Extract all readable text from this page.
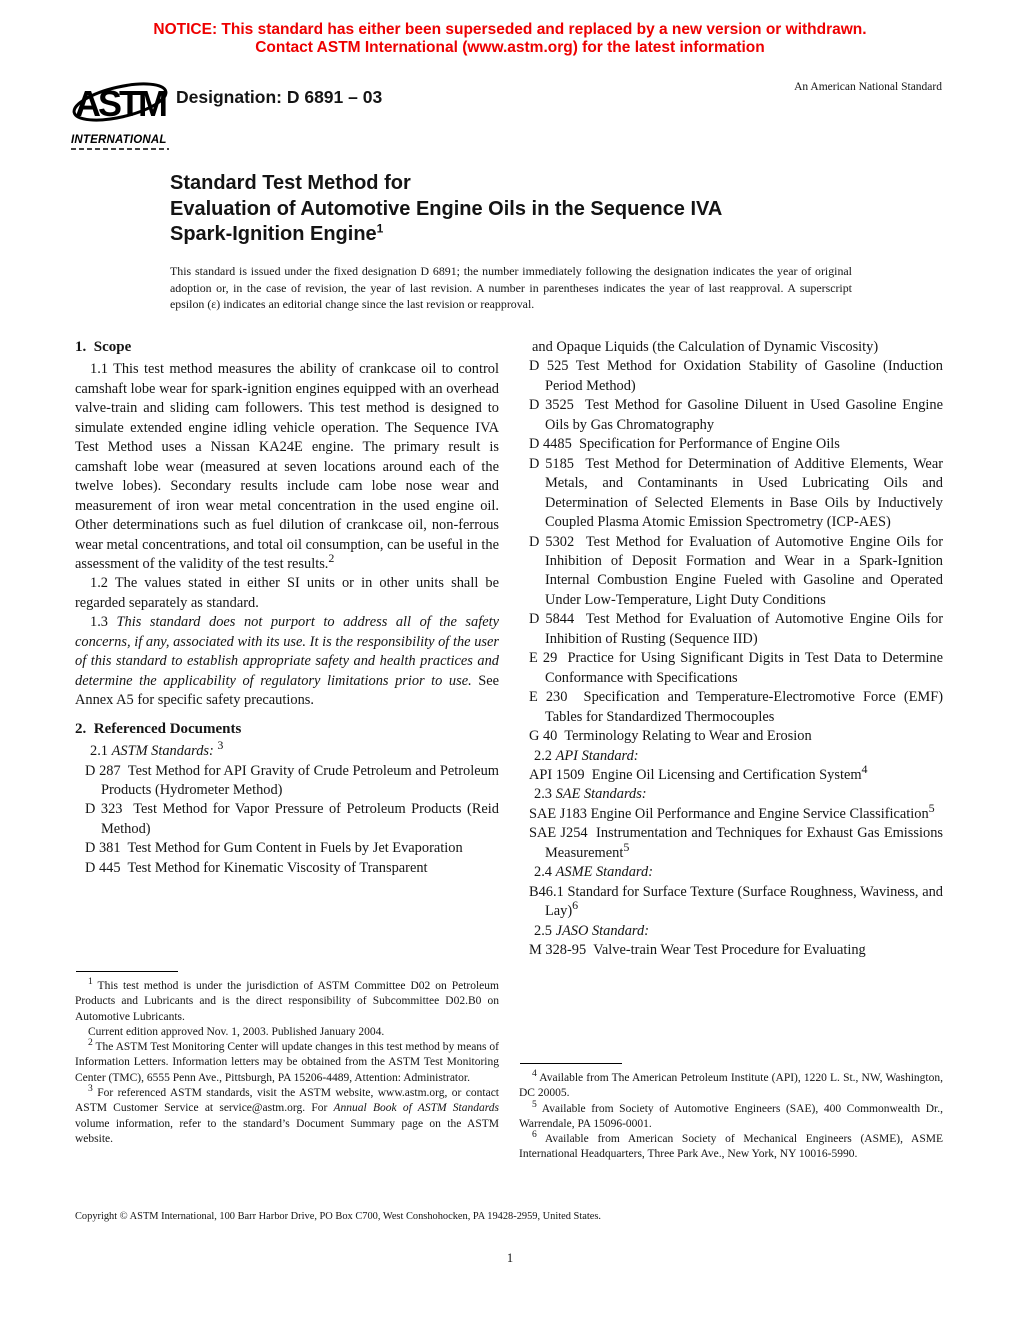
NOTICE: This standard has either been superseded and replaced by a new version or withdrawn.
Contact ASTM International (www.astm.org) for the latest information
ASTM
INTERNATIONAL
Designation: D 6891 – 03	An American National Standard
Standard Test Method for
Evaluation of Automotive Engine Oils in the Sequence IVA
Spark-Ignition Engine$^1$
This standard is issued under the fixed designation D 6891; the number immediately following the designation indicates the year of original adoption or, in the case of revision, the year of last revision. A number in parentheses indicates the year of last reapproval. A superscript epsilon (ε) indicates an editorial change since the last revision or reapproval.
1.  Scope

1.1 This test method measures the ability of crankcase oil to control camshaft lobe wear for spark-ignition engines equipped with an overhead valve-train and sliding cam followers. This test method is designed to simulate extended engine idling vehicle operation. The Sequence IVA Test Method uses a Nissan KA24E engine. The primary result is camshaft lobe wear (measured at seven locations around each of the twelve lobes). Secondary results include cam lobe nose wear and measurement of iron wear metal concentration in the used engine oil. Other determinations such as fuel dilution of crankcase oil, non-ferrous wear metal concentrations, and total oil consumption, can be useful in the assessment of the validity of the test results.$^2$

1.2 The values stated in either SI units or in other units shall be regarded separately as standard.

1.3 This standard does not purport to address all of the safety concerns, if any, associated with its use. It is the responsibility of the user of this standard to establish appropriate safety and health practices and determine the applicability of regulatory limitations prior to use. See Annex A5 for specific safety precautions.

2.  Referenced Documents

2.1 ASTM Standards: $^3$

D 287  Test Method for API Gravity of Crude Petroleum and Petroleum Products (Hydrometer Method)

D 323  Test Method for Vapor Pressure of Petroleum Products (Reid Method)

D 381  Test Method for Gum Content in Fuels by Jet Evaporation

D 445  Test Method for Kinematic Viscosity of Transparent

and Opaque Liquids (the Calculation of Dynamic Viscosity)

D 525 Test Method for Oxidation Stability of Gasoline (Induction Period Method)

D 3525  Test Method for Gasoline Diluent in Used Gasoline Engine Oils by Gas Chromatography

D 4485  Specification for Performance of Engine Oils

D 5185  Test Method for Determination of Additive Elements, Wear Metals, and Contaminants in Used Lubricating Oils and Determination of Selected Elements in Base Oils by Inductively Coupled Plasma Atomic Emission Spectrometry (ICP-AES)

D 5302  Test Method for Evaluation of Automotive Engine Oils for Inhibition of Deposit Formation and Wear in a Spark-Ignition Internal Combustion Engine Fueled with Gasoline and Operated Under Low-Temperature, Light Duty Conditions

D 5844  Test Method for Evaluation of Automotive Engine Oils for Inhibition of Rusting (Sequence IID)

E 29  Practice for Using Significant Digits in Test Data to Determine Conformance with Specifications

E 230  Specification and Temperature-Electromotive Force (EMF) Tables for Standardized Thermocouples

G 40  Terminology Relating to Wear and Erosion

2.2 API Standard:

API 1509  Engine Oil Licensing and Certification System$^4$

2.3 SAE Standards:

SAE J183 Engine Oil Performance and Engine Service Classification$^5$

SAE J254  Instrumentation and Techniques for Exhaust Gas Emissions Measurement$^5$

2.4 ASME Standard:

B46.1 Standard for Surface Texture (Surface Roughness, Waviness, and Lay)$^6$

2.5 JASO Standard:

M 328-95  Valve-train Wear Test Procedure for Evaluating

$^1$ This test method is under the jurisdiction of ASTM Committee D02 on Petroleum Products and Lubricants and is the direct responsibility of Subcommittee D02.B0 on Automotive Lubricants.

Current edition approved Nov. 1, 2003. Published January 2004.

$^2$ The ASTM Test Monitoring Center will update changes in this test method by means of Information Letters. Information letters may be obtained from the ASTM Test Monitoring Center (TMC), 6555 Penn Ave., Pittsburgh, PA 15206-4489, Attention: Administrator.

$^3$ For referenced ASTM standards, visit the ASTM website, www.astm.org, or contact ASTM Customer Service at service@astm.org. For Annual Book of ASTM Standards volume information, refer to the standard’s Document Summary page on the ASTM website.

$^4$ Available from The American Petroleum Institute (API), 1220 L. St., NW, Washington, DC 20005.

$^5$ Available from Society of Automotive Engineers (SAE), 400 Commonwealth Dr., Warrendale, PA 15096-0001.

$^6$ Available from American Society of Mechanical Engineers (ASME), ASME International Headquarters, Three Park Ave., New York, NY 10016-5990.

Copyright © ASTM International, 100 Barr Harbor Drive, PO Box C700, West Conshohocken, PA 19428-2959, United States.
1
